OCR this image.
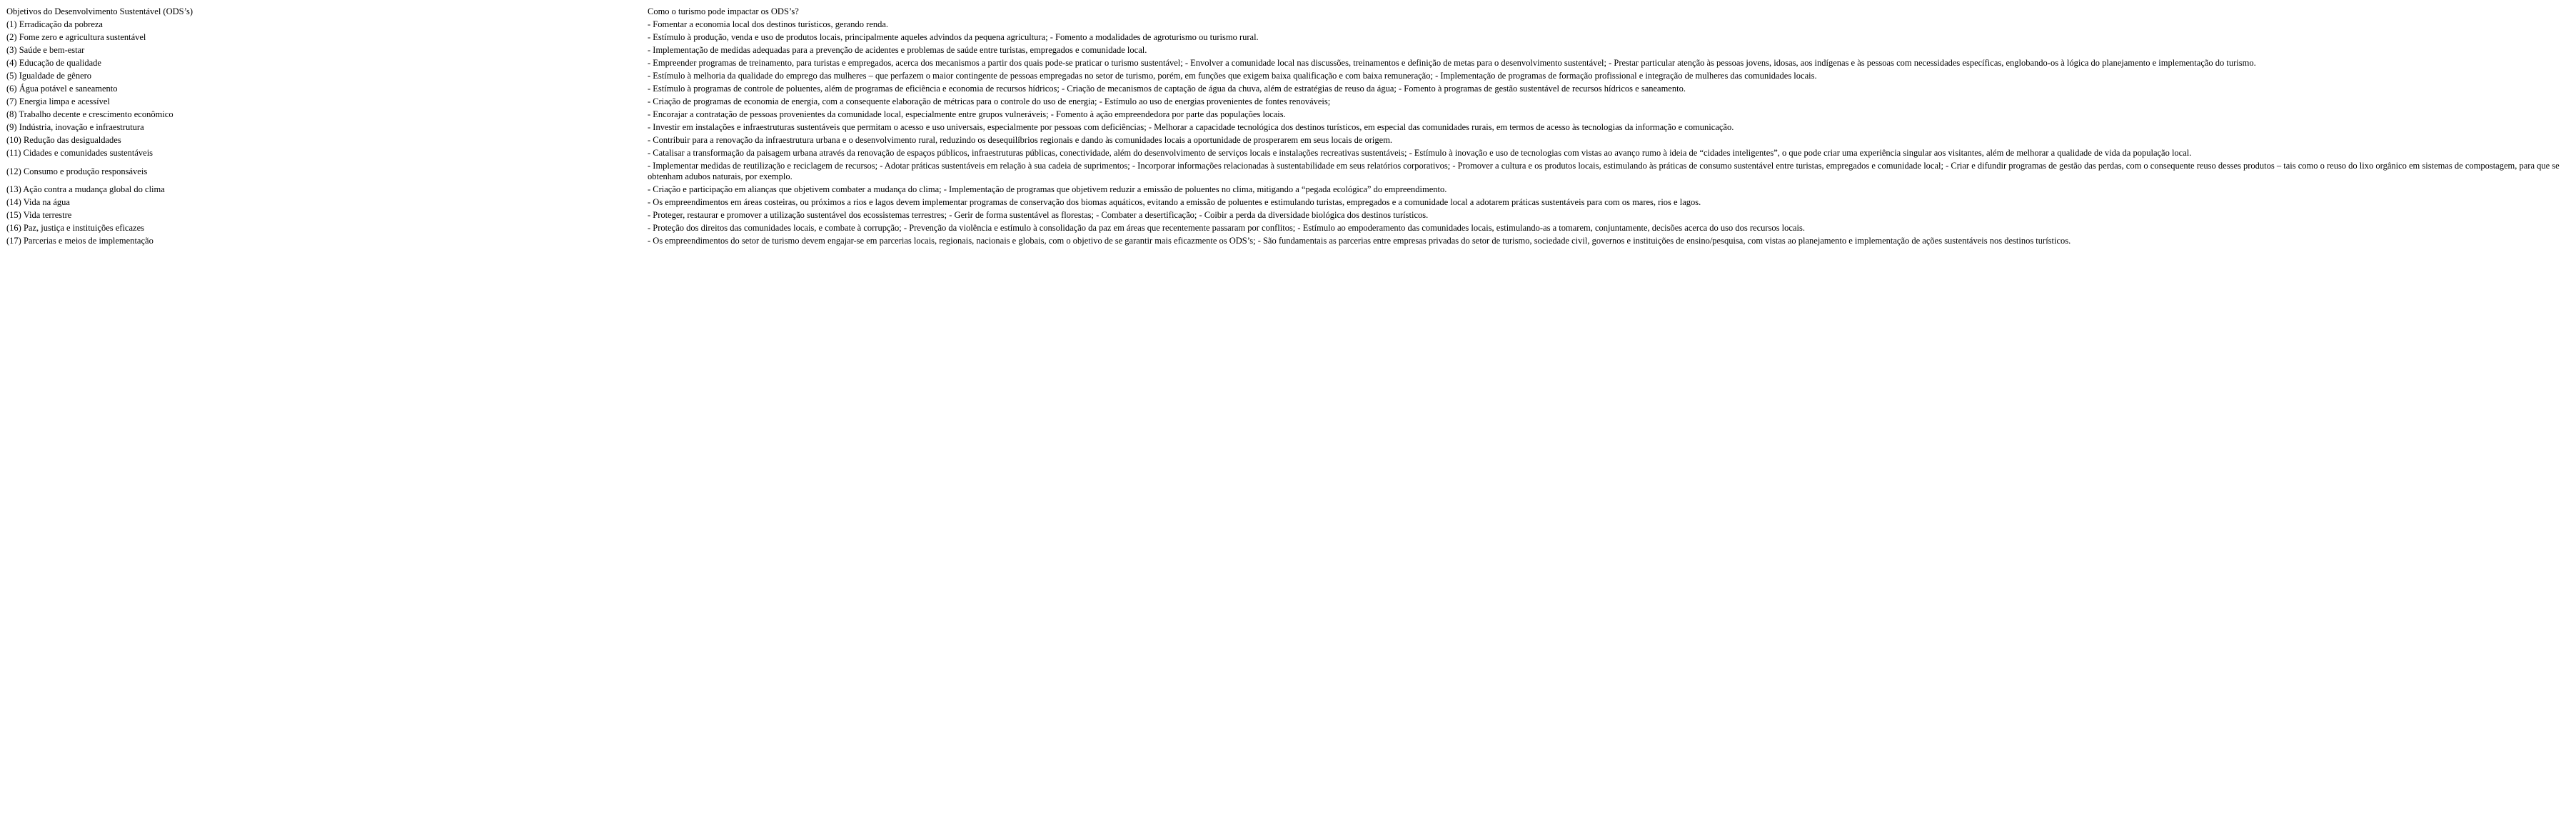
Objetivos do Desenvolvimento Sustentável (ODS’s)	Como o turismo pode impactar os ODS’s?
(1) Erradicação da pobreza	- Fomentar a economia local dos destinos turísticos, gerando renda.
(2) Fome zero e agricultura sustentável	- Estímulo à produção, venda e uso de produtos locais, principalmente aqueles advindos da pequena agricultura; - Fomento a modalidades de agroturismo ou turismo rural.
(3) Saúde e bem-estar	- Implementação de medidas adequadas para a prevenção de acidentes e problemas de saúde entre turistas, empregados e comunidade local.
(4) Educação de qualidade	- Empreender programas de treinamento, para turistas e empregados, acerca dos mecanismos a partir dos quais pode-se praticar o turismo sustentável; - Envolver a comunidade local nas discussões, treinamentos e definição de metas para o desenvolvimento sustentável; - Prestar particular atenção às pessoas jovens, idosas, aos indígenas e às pessoas com necessidades específicas, englobando-os à lógica do planejamento e implementação do turismo.
(5) Igualdade de gênero	- Estímulo à melhoria da qualidade do emprego das mulheres – que perfazem o maior contingente de pessoas empregadas no setor de turismo, porém, em funções que exigem baixa qualificação e com baixa remuneração; - Implementação de programas de formação profissional e integração de mulheres das comunidades locais.
(6) Água potável e saneamento	- Estímulo à programas de controle de poluentes, além de programas de eficiência e economia de recursos hídricos; - Criação de mecanismos de captação de água da chuva, além de estratégias de reuso da água; - Fomento à programas de gestão sustentável de recursos hídricos e saneamento.
(7) Energia limpa e acessível	- Criação de programas de economia de energia, com a consequente elaboração de métricas para o controle do uso de energia; - Estímulo ao uso de energias provenientes de fontes renováveis;
(8) Trabalho decente e crescimento econômico	- Encorajar a contratação de pessoas provenientes da comunidade local, especialmente entre grupos vulneráveis; - Fomento à ação empreendedora por parte das populações locais.
(9) Indústria, inovação e infraestrutura	- Investir em instalações e infraestruturas sustentáveis que permitam o acesso e uso universais, especialmente por pessoas com deficiências; - Melhorar a capacidade tecnológica dos destinos turísticos, em especial das comunidades rurais, em termos de acesso às tecnologias da informação e comunicação.
(10) Redução das desigualdades	- Contribuir para a renovação da infraestrutura urbana e o desenvolvimento rural, reduzindo os desequilíbrios regionais e dando às comunidades locais a oportunidade de prosperarem em seus locais de origem.
(11) Cidades e comunidades sustentáveis	- Catalisar a transformação da paisagem urbana através da renovação de espaços públicos, infraestruturas públicas, conectividade, além do desenvolvimento de serviços locais e instalações recreativas sustentáveis; - Estímulo à inovação e uso de tecnologias com vistas ao avanço rumo à ideia de “cidades inteligentes”, o que pode criar uma experiência singular aos visitantes, além de melhorar a qualidade de vida da população local.
(12) Consumo e produção responsáveis	- Implementar medidas de reutilização e reciclagem de recursos; - Adotar práticas sustentáveis em relação à sua cadeia de suprimentos; - Incorporar informações relacionadas à sustentabilidade em seus relatórios corporativos; - Promover a cultura e os produtos locais, estimulando às práticas de consumo sustentável entre turistas, empregados e comunidade local; - Criar e difundir programas de gestão das perdas, com o consequente reuso desses produtos – tais como o reuso do lixo orgânico em sistemas de compostagem, para que se obtenham adubos naturais, por exemplo.
(13) Ação contra a mudança global do clima	- Criação e participação em alianças que objetivem combater a mudança do clima; - Implementação de programas que objetivem reduzir a emissão de poluentes no clima, mitigando a “pegada ecológica” do empreendimento.
(14) Vida na água	- Os empreendimentos em áreas costeiras, ou próximos a rios e lagos devem implementar programas de conservação dos biomas aquáticos, evitando a emissão de poluentes e estimulando turistas, empregados e a comunidade local a adotarem práticas sustentáveis para com os mares, rios e lagos.
(15) Vida terrestre	- Proteger, restaurar e promover a utilização sustentável dos ecossistemas terrestres; - Gerir de forma sustentável as florestas; - Combater a desertificação; - Coibir a perda da diversidade biológica dos destinos turísticos.
(16) Paz, justiça e instituições eficazes	- Proteção dos direitos das comunidades locais, e combate à corrupção; - Prevenção da violência e estímulo à consolidação da paz em áreas que recentemente passaram por conflitos; - Estímulo ao empoderamento das comunidades locais, estimulando-as a tomarem, conjuntamente, decisões acerca do uso dos recursos locais.
(17) Parcerias e meios de implementação	- Os empreendimentos do setor de turismo devem engajar-se em parcerias locais, regionais, nacionais e globais, com o objetivo de se garantir mais eficazmente os ODS’s; - São fundamentais as parcerias entre empresas privadas do setor de turismo, sociedade civil, governos e instituições de ensino/pesquisa, com vistas ao planejamento e implementação de ações sustentáveis nos destinos turísticos.
